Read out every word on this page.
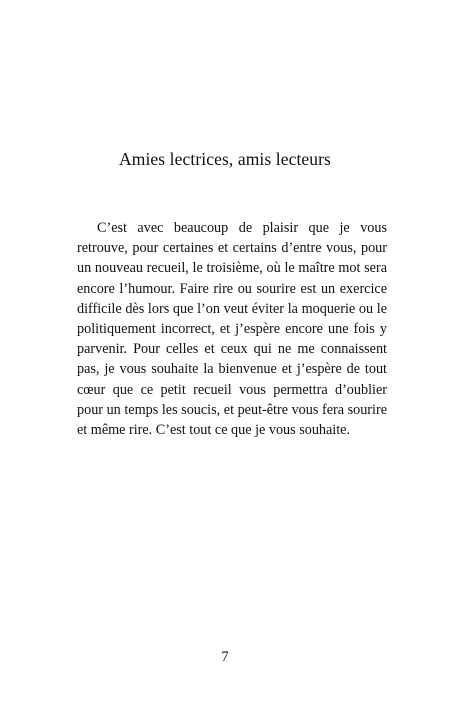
Amies lectrices, amis lecteurs

C’est avec beaucoup de plaisir que je vous retrouve, pour certaines et certains d’entre vous, pour un nouveau recueil, le troisième, où le maître mot sera encore l’humour. Faire rire ou sourire est un exercice difficile dès lors que l’on veut éviter la moquerie ou le politiquement incorrect, et j’espère encore une fois y parvenir. Pour celles et ceux qui ne me connaissent pas, je vous souhaite la bienvenue et j’espère de tout cœur que ce petit recueil vous permettra d’oublier pour un temps les soucis, et peut-être vous fera sourire et même rire. C’est tout ce que je vous souhaite.

7
